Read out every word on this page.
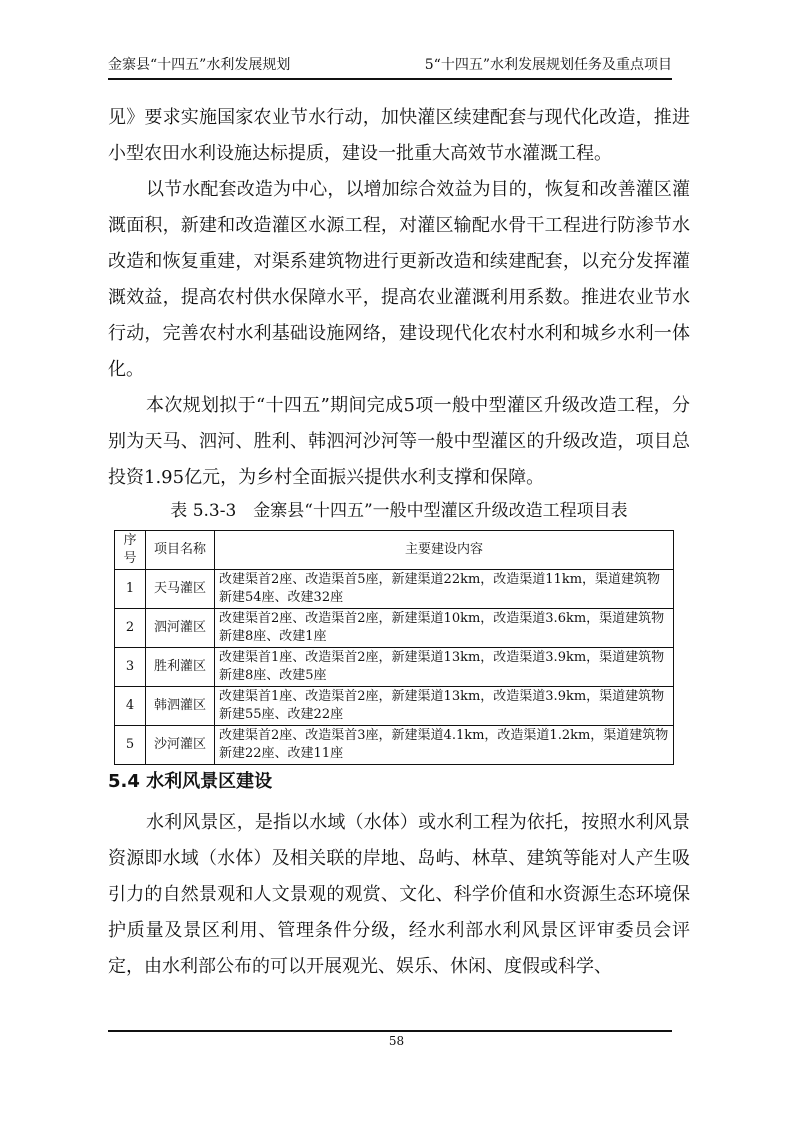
金寨县“十四五”水利发展规划	5“十四五”水利发展规划任务及重点项目

见》要求实施国家农业节水行动，加快灌区续建配套与现代化改造，推进小型农田水利设施达标提质，建设一批重大高效节水灌溉工程。

以节水配套改造为中心，以增加综合效益为目的，恢复和改善灌区灌溉面积，新建和改造灌区水源工程，对灌区输配水骨干工程进行防渗节水改造和恢复重建，对渠系建筑物进行更新改造和续建配套，以充分发挥灌溉效益，提高农村供水保障水平，提高农业灌溉利用系数。推进农业节水行动，完善农村水利基础设施网络，建设现代化农村水利和城乡水利一体化。

本次规划拟于“十四五”期间完成5项一般中型灌区升级改造工程，分别为天马、泗河、胜利、韩泗河沙河等一般中型灌区的升级改造，项目总投资1.95亿元，为乡村全面振兴提供水利支撑和保障。

表 5.3-3　金寨县“十四五”一般中型灌区升级改造工程项目表
序号	项目名称	主要建设内容
1	天马灌区	改建渠首2座、改造渠首5座，新建渠道22km，改造渠道11km，渠道建筑物新建54座、改建32座
2	泗河灌区	改建渠首2座、改造渠首2座，新建渠道10km，改造渠道3.6km，渠道建筑物新建8座、改建1座
3	胜利灌区	改建渠首1座、改造渠首2座，新建渠道13km，改造渠道3.9km，渠道建筑物新建8座、改建5座
4	韩泗灌区	改建渠首1座、改造渠首2座，新建渠道13km，改造渠道3.9km，渠道建筑物新建55座、改建22座
5	沙河灌区	改建渠首2座、改造渠首3座，新建渠道4.1km，改造渠道1.2km，渠道建筑物新建22座、改建11座
5.4 水利风景区建设

水利风景区，是指以水域（水体）或水利工程为依托，按照水利风景资源即水域（水体）及相关联的岸地、岛屿、林草、建筑等能对人产生吸引力的自然景观和人文景观的观赏、文化、科学价值和水资源生态环境保护质量及景区利用、管理条件分级，经水利部水利风景区评审委员会评定，由水利部公布的可以开展观光、娱乐、休闲、度假或科学、

58
